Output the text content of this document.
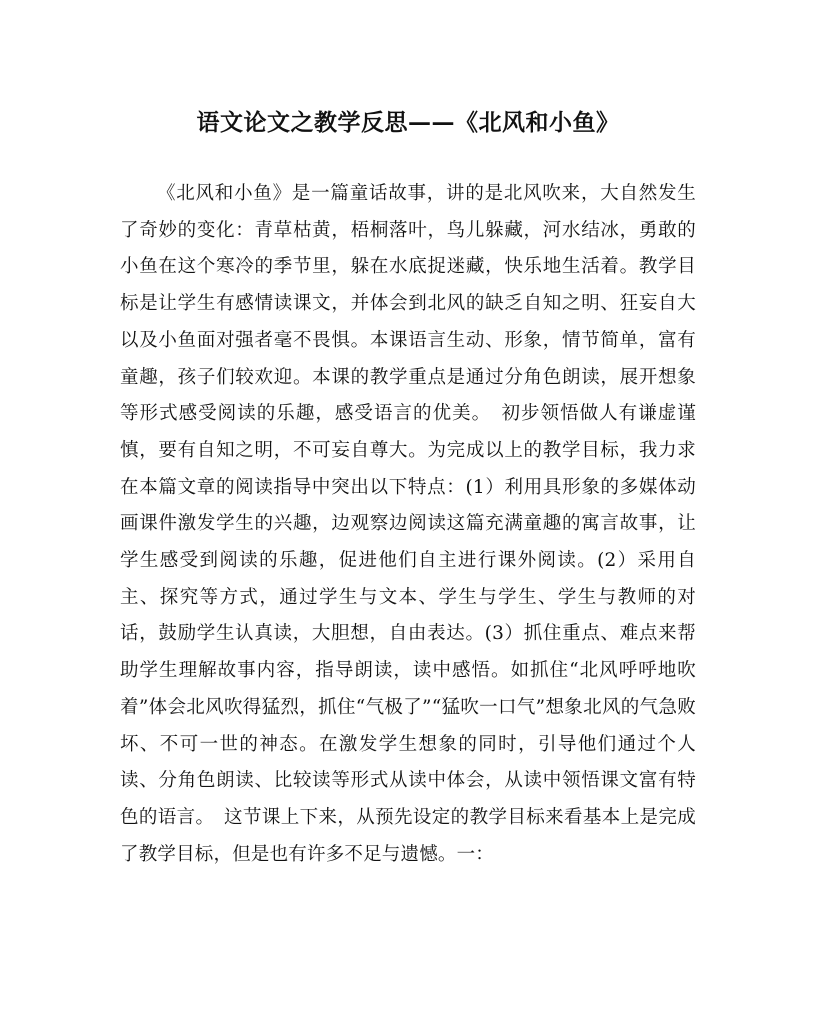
语文论文之教学反思——《北风和小鱼》

《北风和小鱼》是一篇童话故事，讲的是北风吹来，大自然发生了奇妙的变化：青草枯黄，梧桐落叶，鸟儿躲藏，河水结冰，勇敢的小鱼在这个寒冷的季节里，躲在水底捉迷藏，快乐地生活着。教学目标是让学生有感情读课文，并体会到北风的缺乏自知之明、狂妄自大以及小鱼面对强者毫不畏惧。本课语言生动、形象，情节简单，富有童趣，孩子们较欢迎。本课的教学重点是通过分角色朗读，展开想象等形式感受阅读的乐趣，感受语言的优美。　初步领悟做人有谦虚谨慎，要有自知之明，不可妄自尊大。为完成以上的教学目标，我力求在本篇文章的阅读指导中突出以下特点：(1）利用具形象的多媒体动画课件激发学生的兴趣，边观察边阅读这篇充满童趣的寓言故事，让学生感受到阅读的乐趣，促进他们自主进行课外阅读。(2）采用自主、探究等方式，通过学生与文本、学生与学生、学生与教师的对话，鼓励学生认真读，大胆想，自由表达。(3）抓住重点、难点来帮助学生理解故事内容，指导朗读，读中感悟。如抓住“北风呼呼地吹着”体会北风吹得猛烈，抓住“气极了”“猛吹一口气”想象北风的气急败坏、不可一世的神态。在激发学生想象的同时，引导他们通过个人读、分角色朗读、比较读等形式从读中体会，从读中领悟课文富有特色的语言。　这节课上下来，从预先设定的教学目标来看基本上是完成了教学目标，但是也有许多不足与遗憾。一：
